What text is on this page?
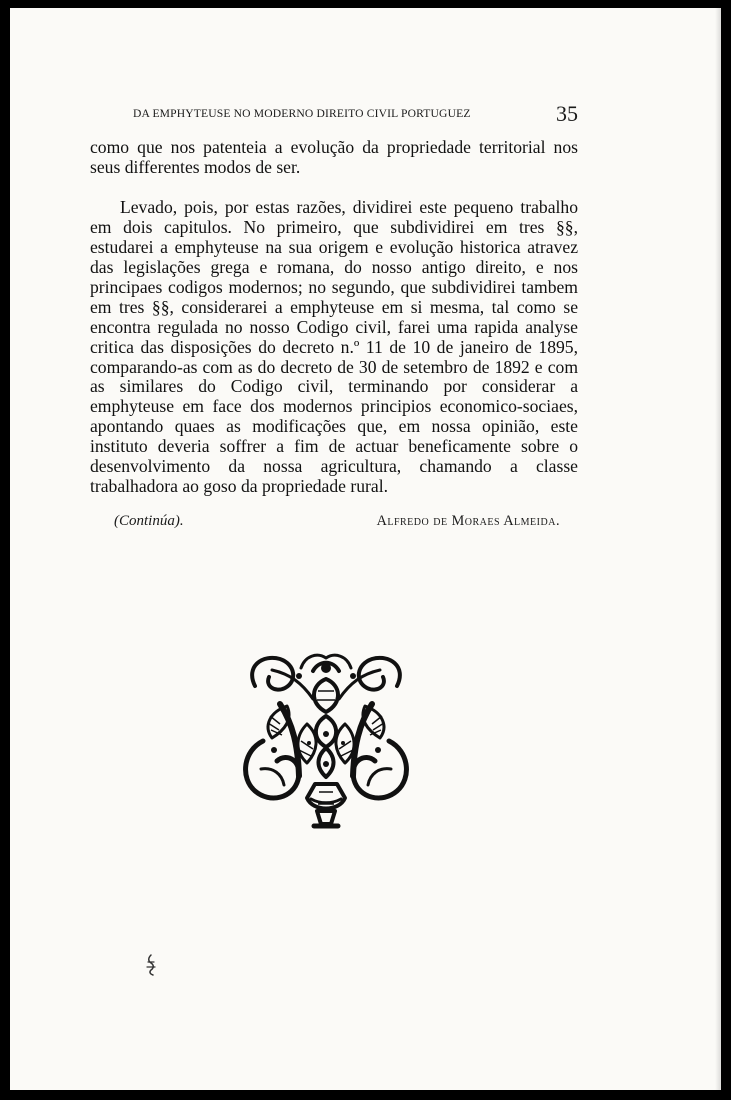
DA EMPHYTEUSE NO MODERNO DIREITO CIVIL PORTUGUEZ	35

como que nos patenteia a evolução da propriedade territorial nos seus differentes modos de ser.

Levado, pois, por estas razões, dividirei este pequeno trabalho em dois capitulos. No primeiro, que subdividirei em tres §§, estudarei a emphyteuse na sua origem e evolução historica atravez das legislações grega e romana, do nosso antigo direito, e nos principaes codigos modernos; no segundo, que subdividirei tambem em tres §§, considerarei a emphyteuse em si mesma, tal como se encontra regulada no nosso Codigo civil, farei uma rapida analyse critica das disposições do decreto n.º 11 de 10 de janeiro de 1895, comparando-as com as do decreto de 30 de setembro de 1892 e com as similares do Codigo civil, terminando por considerar a emphyteuse em face dos modernos principios economico-sociaes, apontando quaes as modificações que, em nossa opinião, este instituto deveria soffrer a fim de actuar beneficamente sobre o desenvolvimento da nossa agricultura, chamando a classe trabalhadora ao goso da propriedade rural.

(Continúa).	Alfredo de Moraes Almeida.
